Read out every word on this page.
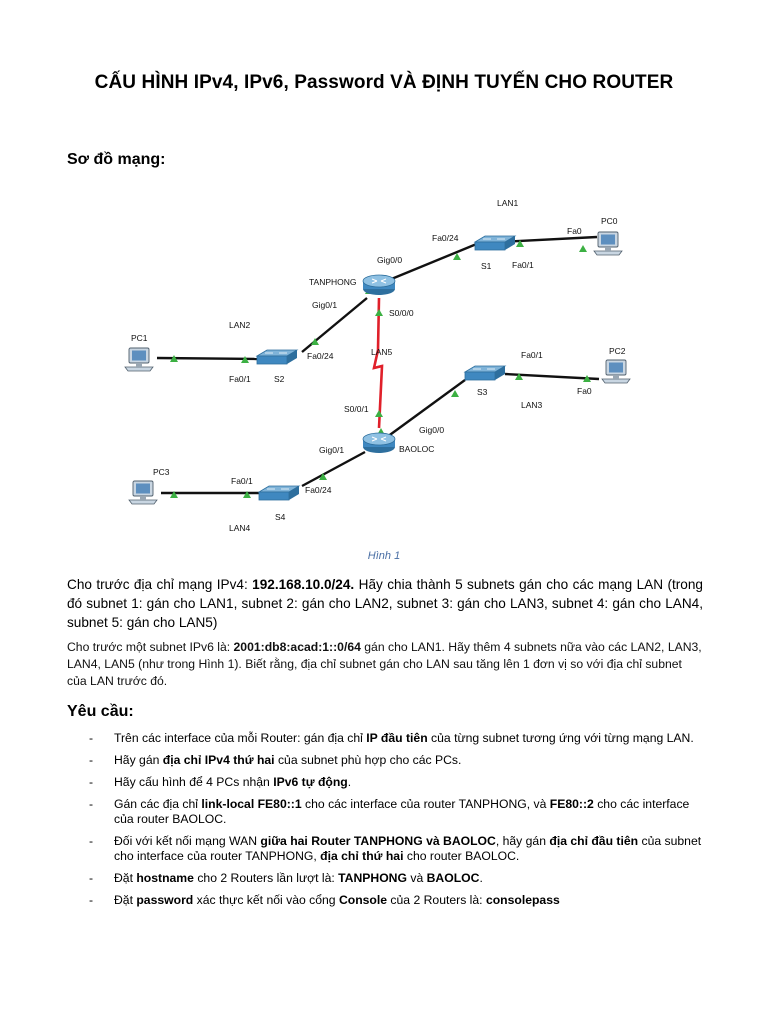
CẤU HÌNH IPv4, IPv6, Password VÀ ĐỊNH TUYẾN CHO ROUTER
Sơ đồ mạng:
LAN1
PC0
Fa0
Fa0/24
Fa0/1
S1
Gig0/0
TANPHONG
Gig0/1
S0/0/0
LAN2
PC1
Fa0/24	LAN5
Fa0/1	S2
Fa0/1	PC2
Fa0
S3
LAN3
S0/0/1
Gig0/0
Gig0/1	BAOLOC
PC3
Fa0/1
Fa0/24
S4
LAN4
Hình 1
Cho trước địa chỉ mạng IPv4: 192.168.10.0/24. Hãy chia thành 5 subnets gán cho các mạng LAN (trong đó subnet 1: gán cho LAN1, subnet 2: gán cho LAN2, subnet 3: gán cho LAN3, subnet 4: gán cho LAN4, subnet 5: gán cho LAN5)
Cho trước một subnet IPv6 là: 2001:db8:acad:1::0/64 gán cho LAN1. Hãy thêm 4 subnets nữa vào các LAN2, LAN3, LAN4, LAN5 (như trong Hình 1). Biết rằng, địa chỉ subnet gán cho LAN sau tăng lên 1 đơn vị so với địa chỉ subnet của LAN trước đó.
Yêu cầu:
- Trên các interface của mỗi Router: gán địa chỉ IP đầu tiên của từng subnet tương ứng với từng mạng LAN.
- Hãy gán địa chỉ IPv4 thứ hai của subnet phù hợp cho các PCs.
- Hãy cấu hình để 4 PCs nhận IPv6 tự động.
- Gán các địa chỉ link-local FE80::1 cho các interface của router TANPHONG, và FE80::2 cho các interface của router BAOLOC.
- Đối với kết nối mạng WAN giữa hai Router TANPHONG và BAOLOC, hãy gán địa chỉ đầu tiên của subnet cho interface của router TANPHONG, địa chỉ thứ hai cho router BAOLOC.
- Đặt hostname cho 2 Routers lần lượt là: TANPHONG và BAOLOC.
- Đặt password xác thực kết nối vào cổng Console của 2 Routers là: consolepass
